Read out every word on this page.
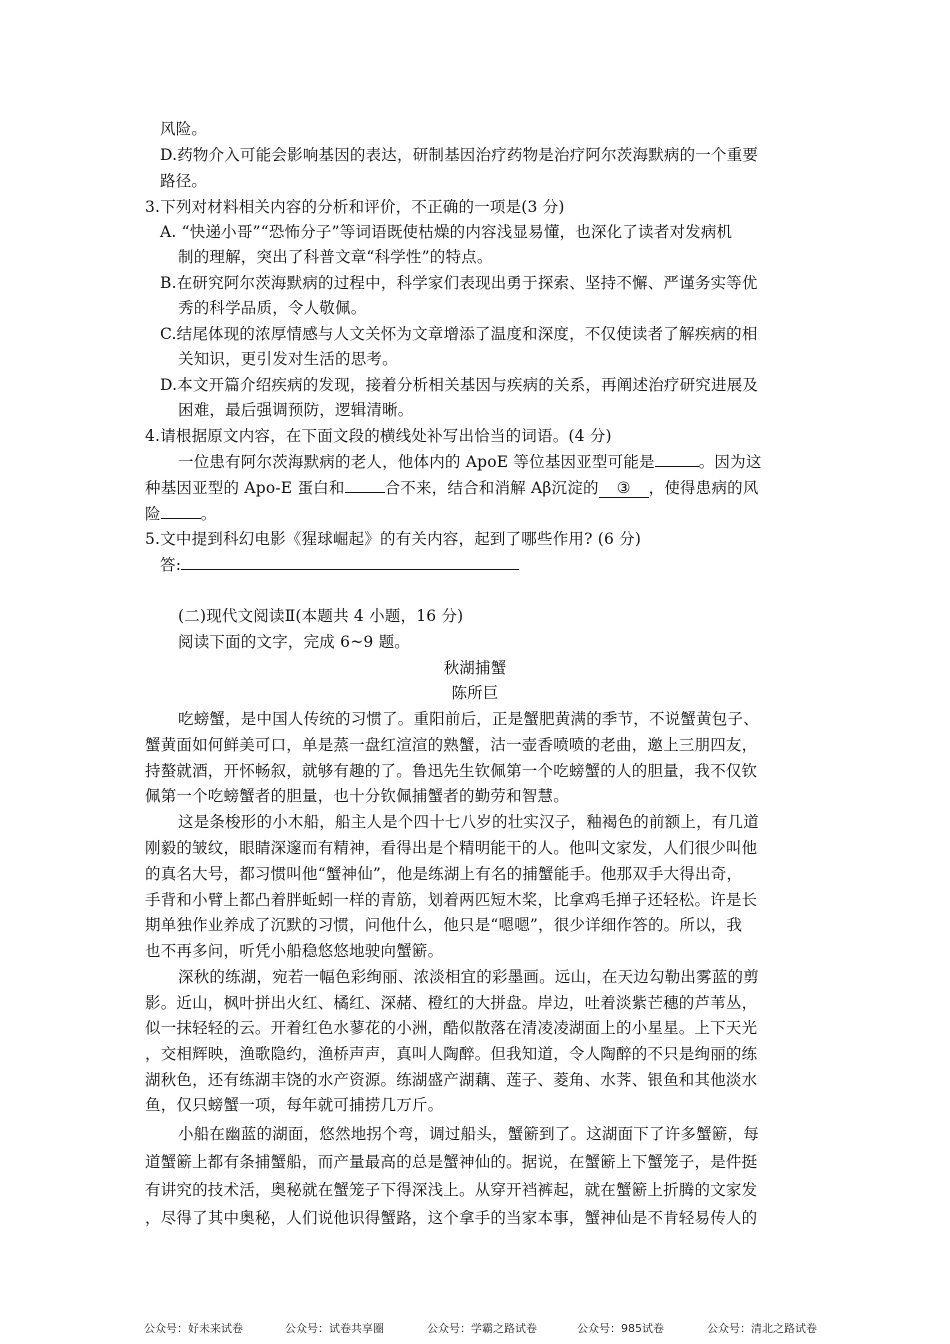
风险。
D.药物介入可能会影响基因的表达，研制基因治疗药物是治疗阿尔茨海默病的一个重要
路径。
3.下列对材料相关内容的分析和评价，不正确的一项是(3 分)
A. “快递小哥”“恐怖分子”等词语既使枯燥的内容浅显易懂，也深化了读者对发病机
制的理解，突出了科普文章“科学性”的特点。
B.在研究阿尔茨海默病的过程中，科学家们表现出勇于探索、坚持不懈、严谨务实等优
秀的科学品质，令人敬佩。
C.结尾体现的浓厚情感与人文关怀为文章增添了温度和深度，不仅使读者了解疾病的相
关知识，更引发对生活的思考。
D.本文开篇介绍疾病的发现，接着分析相关基因与疾病的关系，再阐述治疗研究进展及
困难，最后强调预防，逻辑清晰。
4.请根据原文内容，在下面文段的横线处补写出恰当的词语。(4 分)
一位患有阿尔茨海默病的老人，他体内的 ApoE 等位基因亚型可能是	。因为这
种基因亚型的 Apo-E 蛋白和	合不来，结合和消解 Aβ沉淀的 ③ ，使得患病的风
险	。
5.文中提到科幻电影《猩球崛起》的有关内容，起到了哪些作用? (6 分)
答:
(二)现代文阅读Ⅱ(本题共 4 小题，16 分)
阅读下面的文字，完成 6~9 题。
秋湖捕蟹
陈所巨
吃螃蟹，是中国人传统的习惯了。重阳前后，正是蟹肥黄满的季节，不说蟹黄包子、
蟹黄面如何鲜美可口，单是蒸一盘红渲渲的熟蟹，沽一壶香喷喷的老曲，邀上三朋四友，
持螯就酒，开怀畅叙，就够有趣的了。鲁迅先生钦佩第一个吃螃蟹的人的胆量，我不仅钦
佩第一个吃螃蟹者的胆量，也十分钦佩捕蟹者的勤劳和智慧。
这是条梭形的小木船，船主人是个四十七八岁的壮实汉子，釉褐色的前额上，有几道
刚毅的皱纹，眼睛深邃而有精神，看得出是个精明能干的人。他叫文家发，人们很少叫他
的真名大号，都习惯叫他“蟹神仙”，他是练湖上有名的捕蟹能手。他那双手大得出奇，
手背和小臂上都凸着胖蚯蚓一样的青筋，划着两匹短木桨，比拿鸡毛掸子还轻松。许是长
期单独作业养成了沉默的习惯，问他什么，他只是“嗯嗯”，很少详细作答的。所以，我
也不再多问，听凭小船稳悠悠地驶向蟹簖。
深秋的练湖，宛若一幅色彩绚丽、浓淡相宜的彩墨画。远山，在天边勾勒出雾蓝的剪
影。近山，枫叶拼出火红、橘红、深赭、橙红的大拼盘。岸边，吐着淡紫芒穗的芦苇丛，
似一抹轻轻的云。开着红色水蓼花的小洲，酷似散落在清凌凌湖面上的小星星。上下天光
，交相辉映，渔歌隐约，渔桥声声，真叫人陶醉。但我知道，令人陶醉的不只是绚丽的练
湖秋色，还有练湖丰饶的水产资源。练湖盛产湖藕、莲子、菱角、水荠、银鱼和其他淡水
鱼，仅只螃蟹一项，每年就可捕捞几万斤。
小船在幽蓝的湖面，悠然地拐个弯，调过船头，蟹簖到了。这湖面下了许多蟹簖，每
道蟹簖上都有条捕蟹船，而产量最高的总是蟹神仙的。据说，在蟹簖上下蟹笼子，是件挺
有讲究的技术活，奥秘就在蟹笼子下得深浅上。从穿开裆裤起，就在蟹簖上折腾的文家发
，尽得了其中奥秘，人们说他识得蟹路，这个拿手的当家本事，蟹神仙是不肯轻易传人的
公众号：好未来试卷	公众号：试卷共享圈	公众号：学霸之路试卷	公众号：985试卷	公众号：清北之路试卷
